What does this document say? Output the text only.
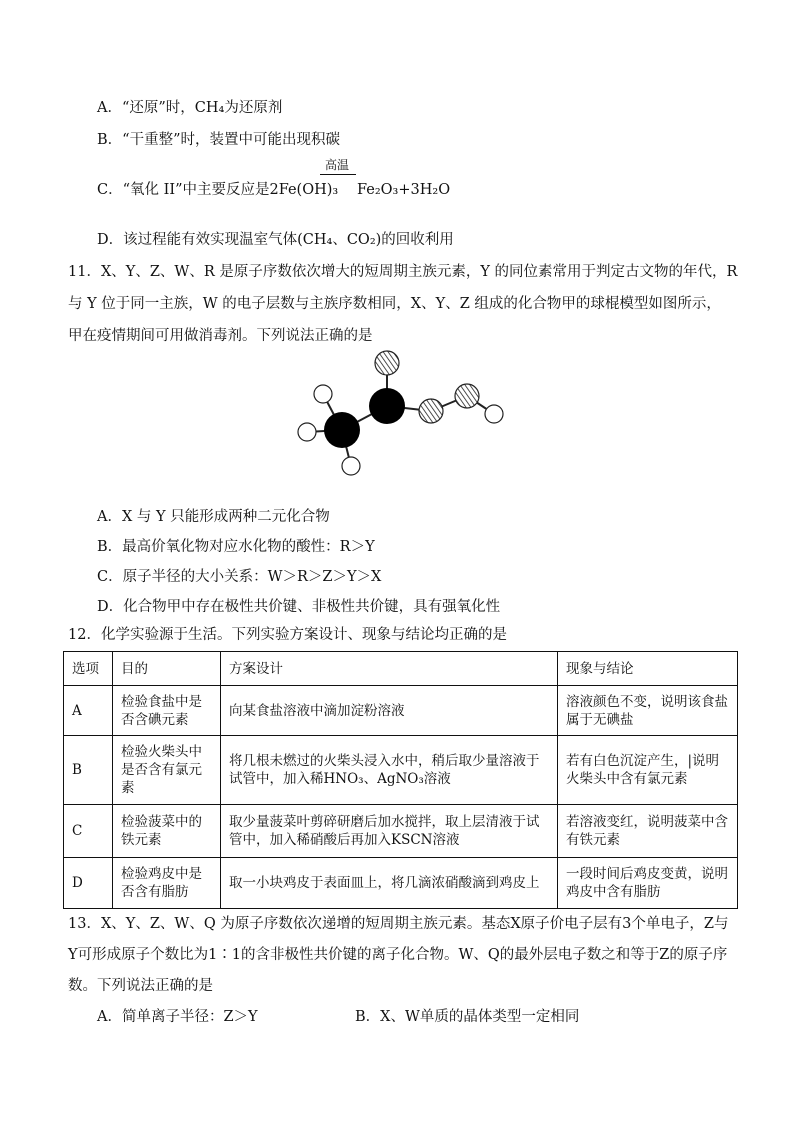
A．“还原”时，CH₄为还原剂
B．“干重整”时，装置中可能出现积碳
C．“氧化 II”中主要反应是2Fe(OH)₃
高温
Fe₂O₃+3H₂O
D．该过程能有效实现温室气体(CH₄、CO₂)的回收利用
11．X、Y、Z、W、R 是原子序数依次增大的短周期主族元素，Y 的同位素常用于判定古文物的年代，R
与 Y 位于同一主族，W 的电子层数与主族序数相同，X、Y、Z 组成的化合物甲的球棍模型如图所示，
甲在疫情期间可用做消毒剂。下列说法正确的是
A．X 与 Y 只能形成两种二元化合物
B．最高价氧化物对应水化物的酸性：R＞Y
C．原子半径的大小关系：W＞R＞Z＞Y＞X
D．化合物甲中存在极性共价键、非极性共价键，具有强氧化性
12．化学实验源于生活。下列实验方案设计、现象与结论均正确的是
选项	目的	方案设计	现象与结论
A	检验食盐中是否含碘元素	向某食盐溶液中滴加淀粉溶液	溶液颜色不变，说明该食盐属于无碘盐
B	检验火柴头中是否含有氯元素	将几根未燃过的火柴头浸入水中，稍后取少量溶液于试管中，加入稀HNO₃、AgNO₃溶液	若有白色沉淀产生，|说明火柴头中含有氯元素
C	检验菠菜中的铁元素	取少量菠菜叶剪碎研磨后加水搅拌，取上层清液于试管中，加入稀硝酸后再加入KSCN溶液	若溶液变红，说明菠菜中含有铁元素
D	检验鸡皮中是否含有脂肪	取一小块鸡皮于表面皿上，将几滴浓硝酸滴到鸡皮上	一段时间后鸡皮变黄，说明鸡皮中含有脂肪
13．X、Y、Z、W、Q 为原子序数依次递增的短周期主族元素。基态X原子价电子层有3个单电子，Z与
Y可形成原子个数比为1∶1的含非极性共价键的离子化合物。W、Q的最外层电子数之和等于Z的原子序
数。下列说法正确的是
A．简单离子半径：Z＞Y	B．X、W单质的晶体类型一定相同
